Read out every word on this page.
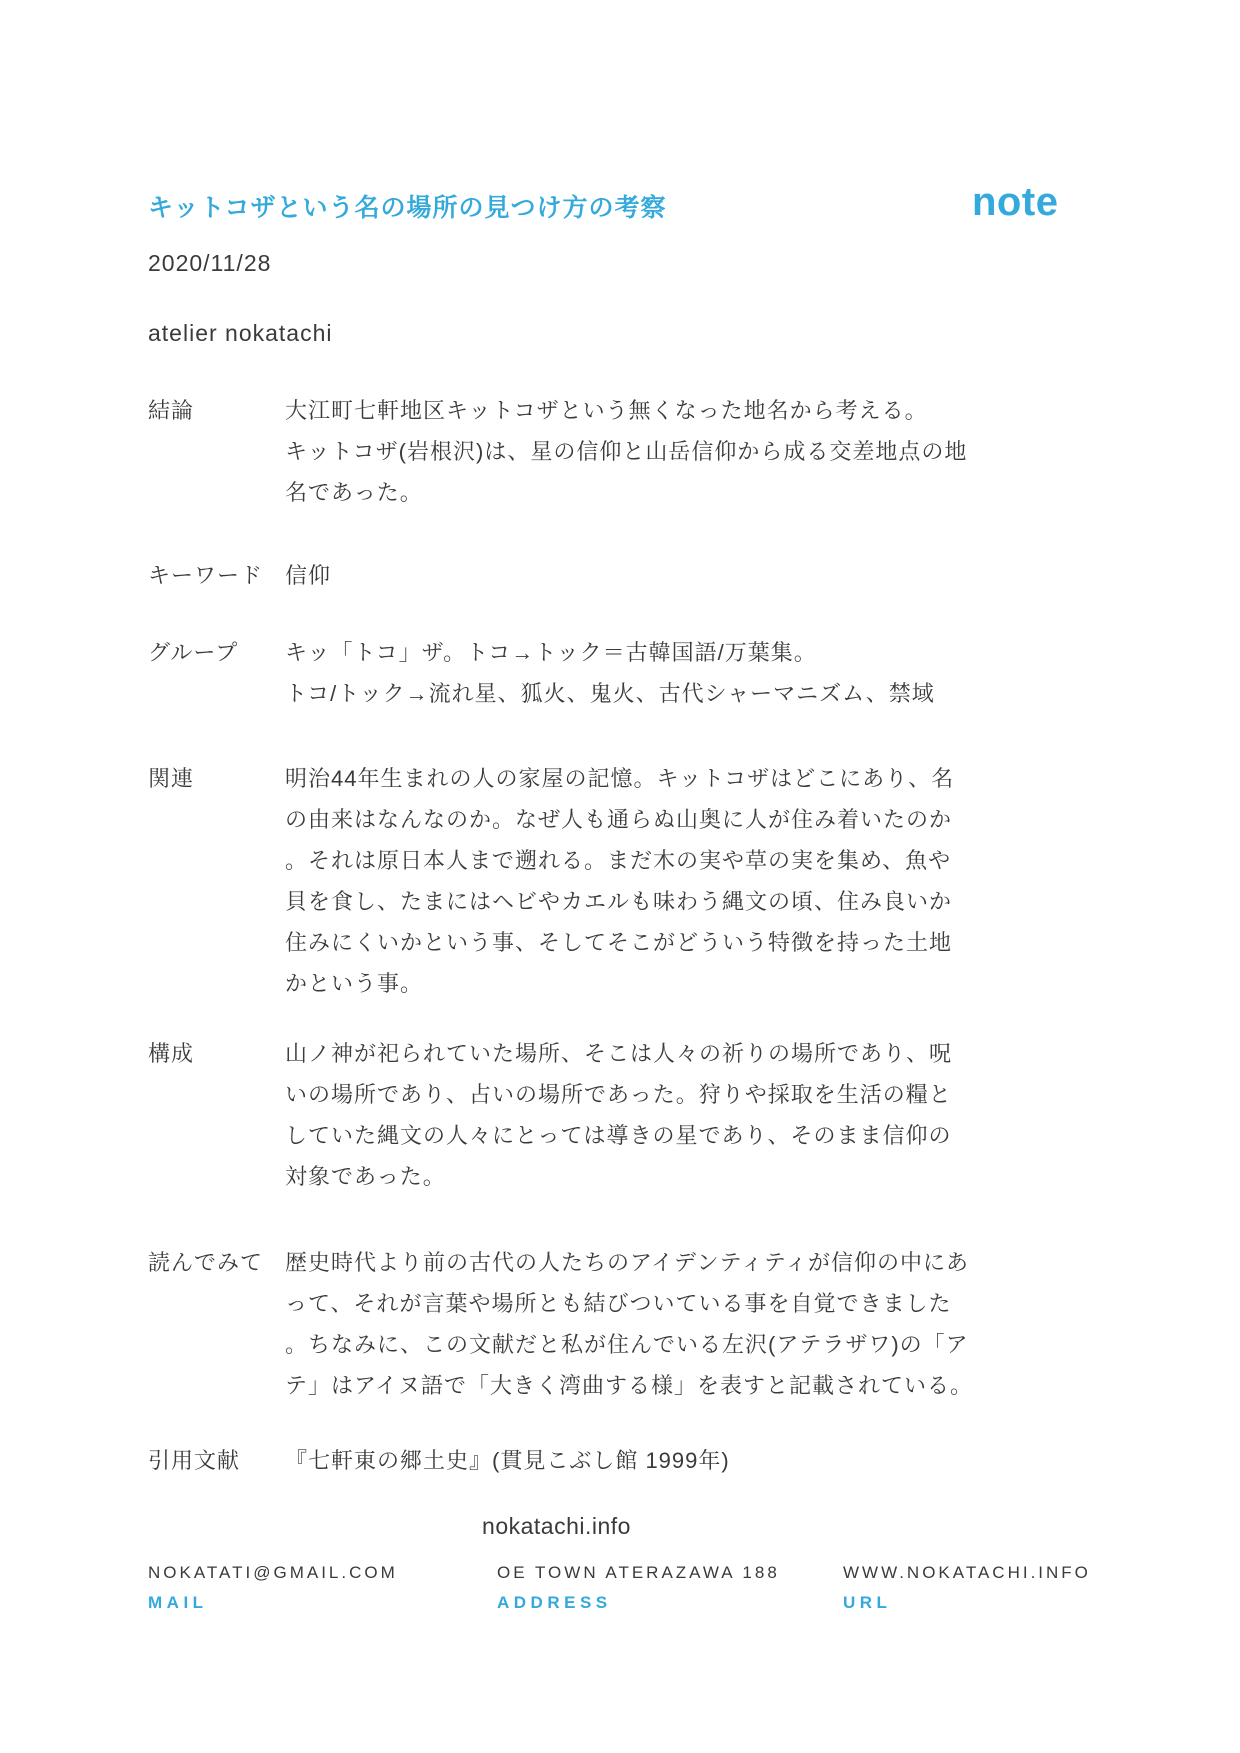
キットコザという名の場所の見つけ方の考察	note
2020/11/28
atelier nokatachi
結論	大江町七軒地区キットコザという無くなった地名から考える。
キットコザ(岩根沢)は、星の信仰と山岳信仰から成る交差地点の地
名であった。
キーワード 信仰
グループ キッ「トコ」ザ。トコ→トック＝古韓国語/万葉集。
トコ/トック→流れ星、狐火、鬼火、古代シャーマニズム、禁域
関連	明治44年生まれの人の家屋の記憶。キットコザはどこにあり、名
の由来はなんなのか。なぜ人も通らぬ山奥に人が住み着いたのか
。それは原日本人まで遡れる。まだ木の実や草の実を集め、魚や
貝を食し、たまにはヘビやカエルも味わう縄文の頃、住み良いか
住みにくいかという事、そしてそこがどういう特徴を持った土地
かという事。
構成	山ノ神が祀られていた場所、そこは人々の祈りの場所であり、呪
いの場所であり、占いの場所であった。狩りや採取を生活の糧と
していた縄文の人々にとっては導きの星であり、そのまま信仰の
対象であった。
読んでみて 歴史時代より前の古代の人たちのアイデンティティが信仰の中にあ
って、それが言葉や場所とも結びついている事を自覚できました
。ちなみに、この文献だと私が住んでいる左沢(アテラザワ)の「ア
テ」はアイヌ語で「大きく湾曲する様」を表すと記載されている。
引用文献 『七軒東の郷土史』(貫見こぶし館 1999年)
nokatachi.info
NOKATATI@GMAIL.COM
MAIL
OE TOWN ATERAZAWA 188
ADDRESS
WWW.NOKATACHI.INFO
URL
